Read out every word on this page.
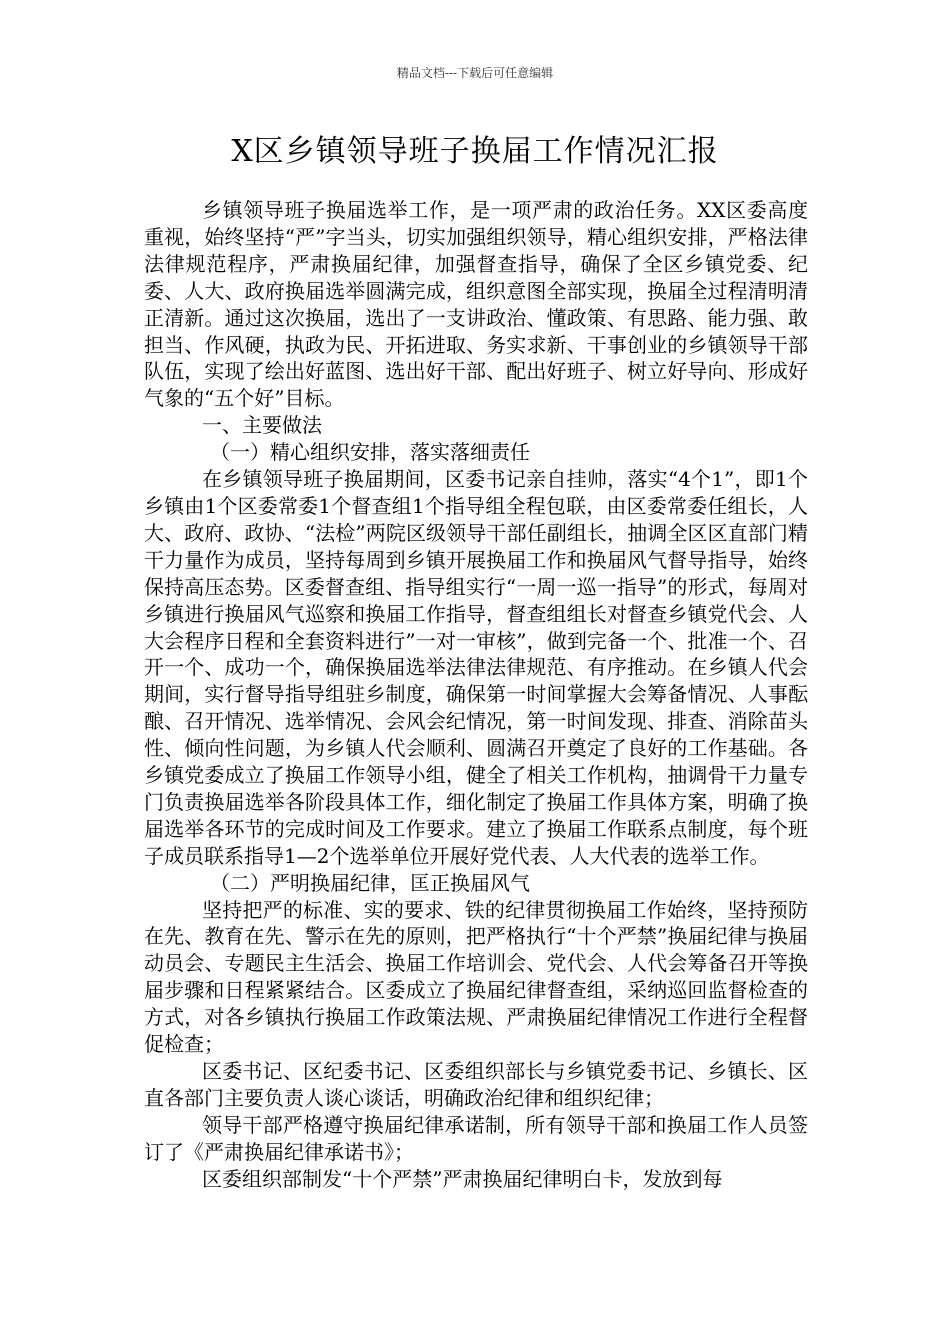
精品文档---下载后可任意编辑
X区乡镇领导班子换届工作情况汇报

乡镇领导班子换届选举工作，是一项严肃的政治任务。XX区委高度重视，始终坚持“严”字当头，切实加强组织领导，精心组织安排，严格法律法律规范程序，严肃换届纪律，加强督查指导，确保了全区乡镇党委、纪委、人大、政府换届选举圆满完成，组织意图全部实现，换届全过程清明清正清新。通过这次换届，选出了一支讲政治、懂政策、有思路、能力强、敢担当、作风硬，执政为民、开拓进取、务实求新、干事创业的乡镇领导干部队伍，实现了绘出好蓝图、选出好干部、配出好班子、树立好导向、形成好气象的“五个好”目标。

一、主要做法

（一）精心组织安排，落实落细责任

在乡镇领导班子换届期间，区委书记亲自挂帅，落实“4个1”，即1个乡镇由1个区委常委1个督查组1个指导组全程包联，由区委常委任组长，人大、政府、政协、“法检”两院区级领导干部任副组长，抽调全区区直部门精干力量作为成员，坚持每周到乡镇开展换届工作和换届风气督导指导，始终保持高压态势。区委督查组、指导组实行“一周一巡一指导”的形式，每周对乡镇进行换届风气巡察和换届工作指导，督查组组长对督查乡镇党代会、人大会程序日程和全套资料进行”一对一审核”，做到完备一个、批准一个、召开一个、成功一个，确保换届选举法律法律规范、有序推动。在乡镇人代会期间，实行督导指导组驻乡制度，确保第一时间掌握大会筹备情况、人事酝酿、召开情况、选举情况、会风会纪情况，第一时间发现、排查、消除苗头性、倾向性问题，为乡镇人代会顺利、圆满召开奠定了良好的工作基础。各乡镇党委成立了换届工作领导小组，健全了相关工作机构，抽调骨干力量专门负责换届选举各阶段具体工作，细化制定了换届工作具体方案，明确了换届选举各环节的完成时间及工作要求。建立了换届工作联系点制度，每个班子成员联系指导1—2个选举单位开展好党代表、人大代表的选举工作。

（二）严明换届纪律，匡正换届风气

坚持把严的标准、实的要求、铁的纪律贯彻换届工作始终，坚持预防在先、教育在先、警示在先的原则，把严格执行“十个严禁”换届纪律与换届动员会、专题民主生活会、换届工作培训会、党代会、人代会筹备召开等换届步骤和日程紧紧结合。区委成立了换届纪律督查组，采纳巡回监督检查的方式，对各乡镇执行换届工作政策法规、严肃换届纪律情况工作进行全程督促检查；

区委书记、区纪委书记、区委组织部长与乡镇党委书记、乡镇长、区直各部门主要负责人谈心谈话，明确政治纪律和组织纪律；

领导干部严格遵守换届纪律承诺制，所有领导干部和换届工作人员签订了《严肃换届纪律承诺书》；

区委组织部制发“十个严禁”严肃换届纪律明白卡，发放到每
